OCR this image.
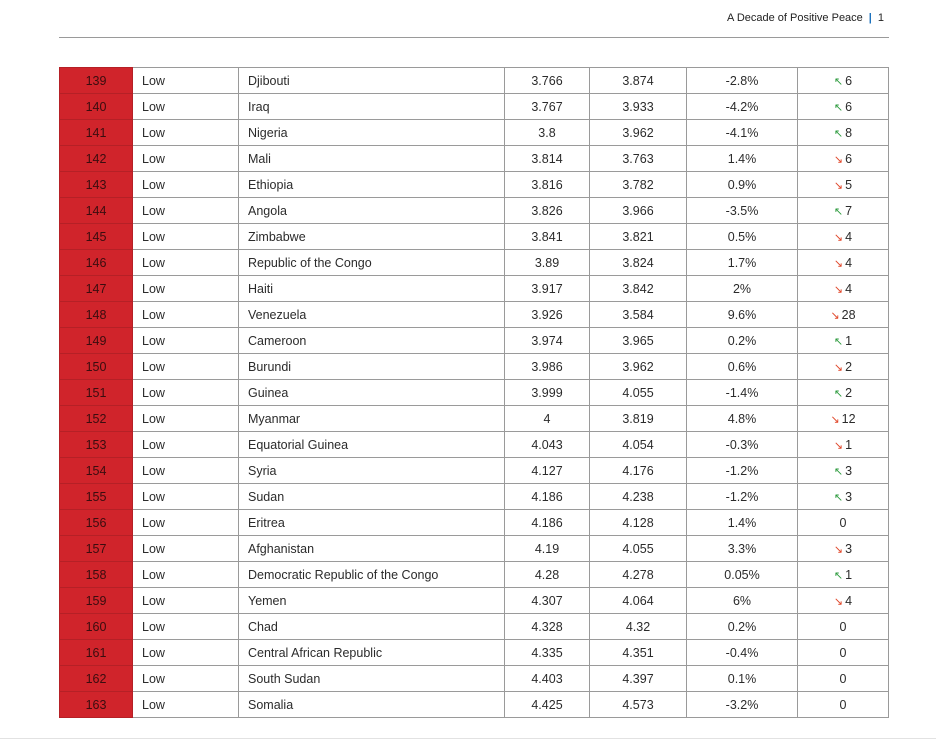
A Decade of Positive Peace | 1
139	Low	Djibouti	3.766	3.874	-2.8%	↖ 6
140	Low	Iraq	3.767	3.933	-4.2%	↖ 6
141	Low	Nigeria	3.8	3.962	-4.1%	↖ 8
142	Low	Mali	3.814	3.763	1.4%	↘ 6
143	Low	Ethiopia	3.816	3.782	0.9%	↘ 5
144	Low	Angola	3.826	3.966	-3.5%	↖ 7
145	Low	Zimbabwe	3.841	3.821	0.5%	↘ 4
146	Low	Republic of the Congo	3.89	3.824	1.7%	↘ 4
147	Low	Haiti	3.917	3.842	2%	↘ 4
148	Low	Venezuela	3.926	3.584	9.6%	↘ 28
149	Low	Cameroon	3.974	3.965	0.2%	↖ 1
150	Low	Burundi	3.986	3.962	0.6%	↘ 2
151	Low	Guinea	3.999	4.055	-1.4%	↖ 2
152	Low	Myanmar	4	3.819	4.8%	↘ 12
153	Low	Equatorial Guinea	4.043	4.054	-0.3%	↘ 1
154	Low	Syria	4.127	4.176	-1.2%	↖ 3
155	Low	Sudan	4.186	4.238	-1.2%	↖ 3
156	Low	Eritrea	4.186	4.128	1.4%	0
157	Low	Afghanistan	4.19	4.055	3.3%	↘ 3
158	Low	Democratic Republic of the Congo	4.28	4.278	0.05%	↖ 1
159	Low	Yemen	4.307	4.064	6%	↘ 4
160	Low	Chad	4.328	4.32	0.2%	0
161	Low	Central African Republic	4.335	4.351	-0.4%	0
162	Low	South Sudan	4.403	4.397	0.1%	0
163	Low	Somalia	4.425	4.573	-3.2%	0
